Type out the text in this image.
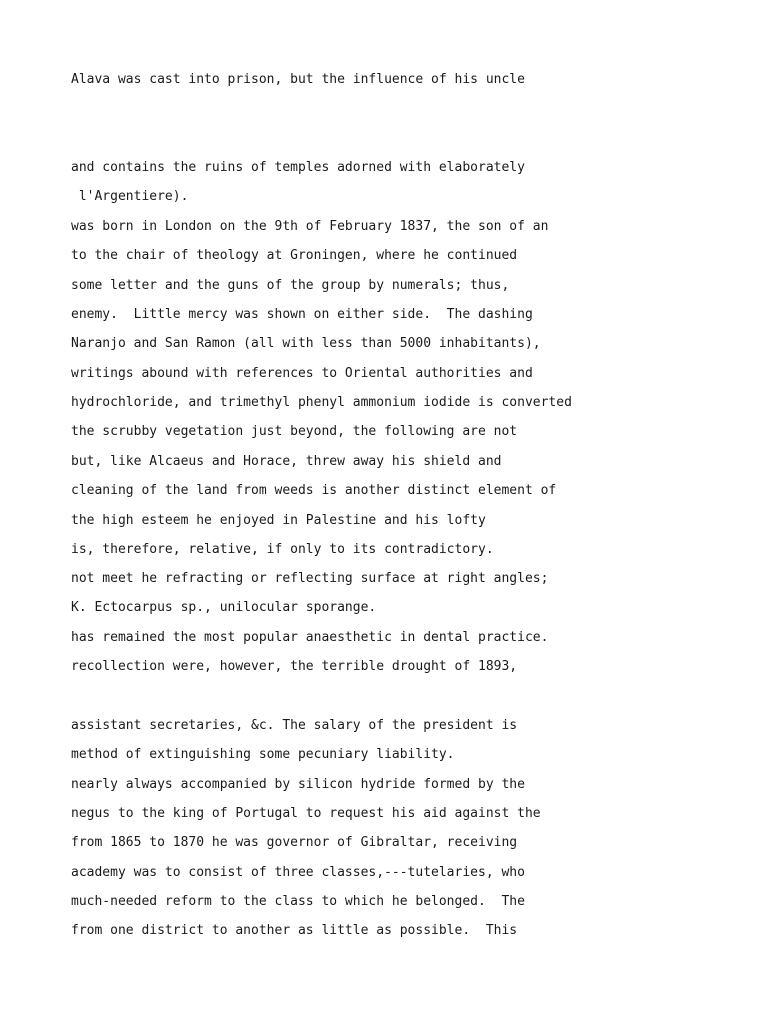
Alava was cast into prison, but the influence of his uncle

and contains the ruins of temples adorned with elaborately

l'Argentiere).

was born in London on the 9th of February 1837, the son of an

to the chair of theology at Groningen, where he continued

some letter and the guns of the group by numerals; thus,

enemy.  Little mercy was shown on either side.  The dashing

Naranjo and San Ramon (all with less than 5000 inhabitants),

writings abound with references to Oriental authorities and

hydrochloride, and trimethyl phenyl ammonium iodide is converted

the scrubby vegetation just beyond, the following are not

but, like Alcaeus and Horace, threw away his shield and

cleaning of the land from weeds is another distinct element of

the high esteem he enjoyed in Palestine and his lofty

is, therefore, relative, if only to its contradictory.

not meet he refracting or reflecting surface at right angles;

K. Ectocarpus sp., unilocular sporange.

has remained the most popular anaesthetic in dental practice.

recollection were, however, the terrible drought of 1893,

assistant secretaries, &c. The salary of the president is

method of extinguishing some pecuniary liability.

nearly always accompanied by silicon hydride formed by the

negus to the king of Portugal to request his aid against the

from 1865 to 1870 he was governor of Gibraltar, receiving

academy was to consist of three classes,---tutelaries, who

much-needed reform to the class to which he belonged.  The

from one district to another as little as possible.  This
